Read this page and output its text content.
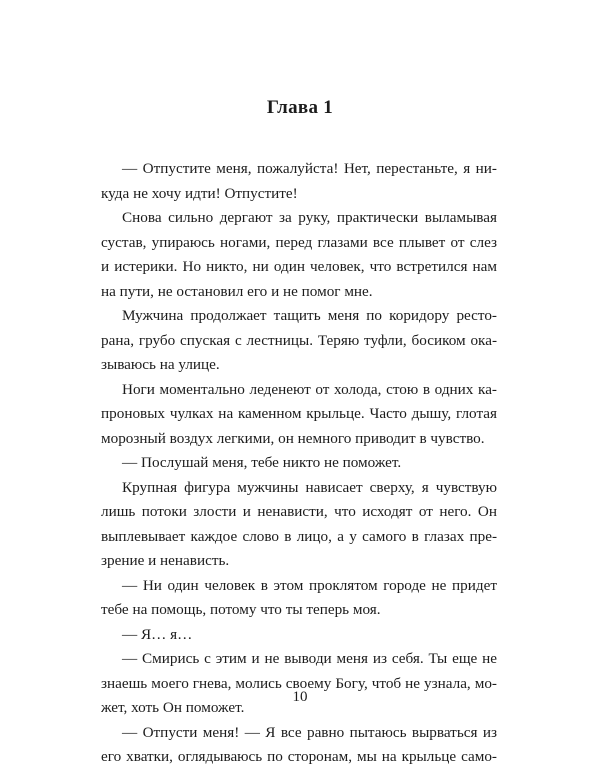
Глава 1
— Отпустите меня, пожалуйста! Нет, перестаньте, я ни-
куда не хочу идти! Отпустите!
Снова сильно дергают за руку, практически выламывая
сустав, упираюсь ногами, перед глазами все плывет от слез
и истерики. Но никто, ни один человек, что встретился нам
на пути, не остановил его и не помог мне.
Мужчина продолжает тащить меня по коридору ресто-
рана, грубо спуская с лестницы. Теряю туфли, босиком ока-
зываюсь на улице.
Ноги моментально леденеют от холода, стою в одних ка-
проновых чулках на каменном крыльце. Часто дышу, глотая
морозный воздух легкими, он немного приводит в чувство.
— Послушай меня, тебе никто не поможет.
Крупная фигура мужчины нависает сверху, я чувствую
лишь потоки злости и ненависти, что исходят от него. Он
выплевывает каждое слово в лицо, а у самого в глазах пре-
зрение и ненависть.
— Ни один человек в этом проклятом городе не придет
тебе на помощь, потому что ты теперь моя.
— Я… я…
— Смирись с этим и не выводи меня из себя. Ты еще не
знаешь моего гнева, молись своему Богу, чтоб не узнала, мо-
жет, хоть Он поможет.
— Отпусти меня! — Я все равно пытаюсь вырваться из
его хватки, оглядываюсь по сторонам, мы на крыльце само-
10
